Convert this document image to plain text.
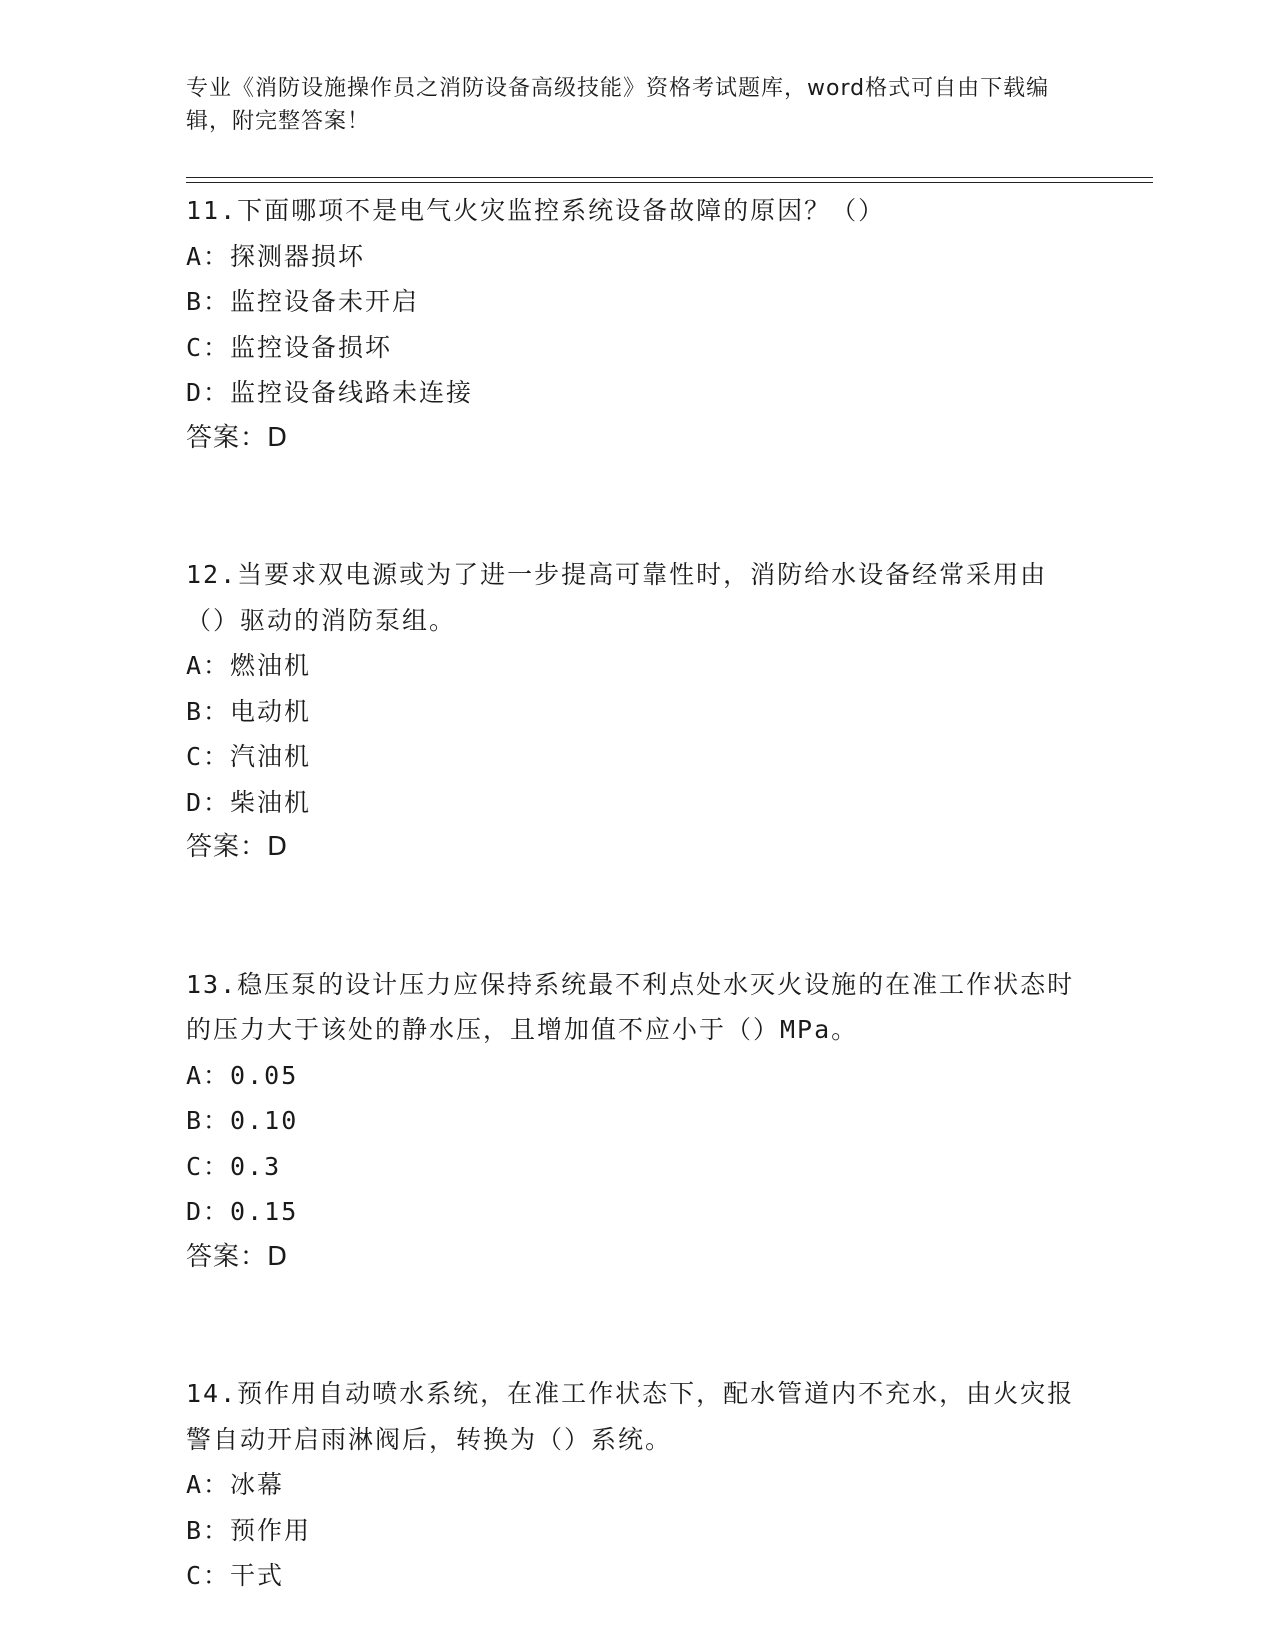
专业《消防设施操作员之消防设备高级技能》资格考试题库，word格式可自由下载编辑，附完整答案！
11.下面哪项不是电气火灾监控系统设备故障的原因？（）
A：探测器损坏
B：监控设备未开启
C：监控设备损坏
D：监控设备线路未连接
答案：D
12.当要求双电源或为了进一步提高可靠性时，消防给水设备经常采用由（）驱动的消防泵组。
A：燃油机
B：电动机
C：汽油机
D：柴油机
答案：D
13.稳压泵的设计压力应保持系统最不利点处水灭火设施的在准工作状态时的压力大于该处的静水压，且增加值不应小于（）MPa。
A：0.05
B：0.10
C：0.3
D：0.15
答案：D
14.预作用自动喷水系统，在准工作状态下，配水管道内不充水，由火灾报警自动开启雨淋阀后，转换为（）系统。
A：冰幕
B：预作用
C：干式
